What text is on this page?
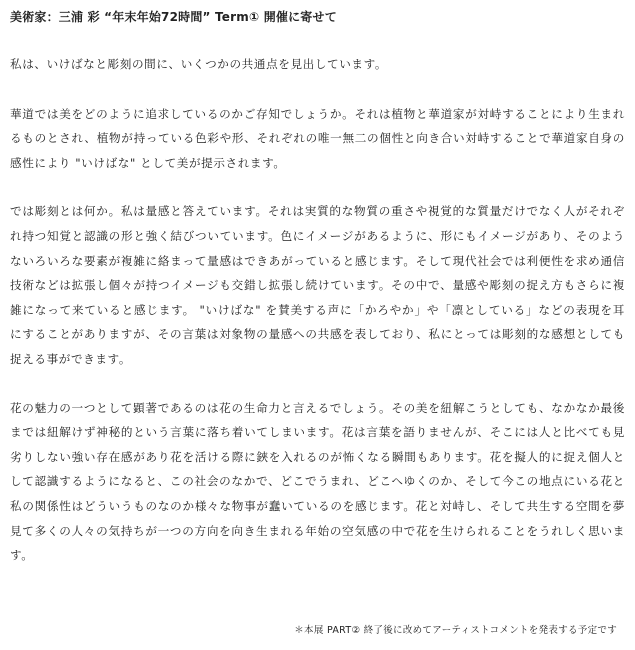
美術家：三浦 彩 “年末年始72時間” Term① 開催に寄せて

私は、いけばなと彫刻の間に、いくつかの共通点を見出しています。

華道では美をどのように追求しているのかご存知でしょうか。それは植物と華道家が対峙することにより生まれるものとされ、植物が持っている色彩や形、それぞれの唯一無二の個性と向き合い対峙することで華道家自身の感性により "いけばな" として美が提示されます。

では彫刻とは何か。私は量感と答えています。それは実質的な物質の重さや視覚的な質量だけでなく人がそれぞれ持つ知覚と認識の形と強く結びついています。色にイメージがあるように、形にもイメージがあり、そのようないろいろな要素が複雑に絡まって量感はできあがっていると感じます。そして現代社会では利便性を求め通信技術などは拡張し個々が持つイメージも交錯し拡張し続けています。その中で、量感や彫刻の捉え方もさらに複雑になって来ていると感じます。 "いけばな" を賛美する声に「かろやか」や「凛としている」などの表現を耳にすることがありますが、その言葉は対象物の量感への共感を表しており、私にとっては彫刻的な感想としても捉える事ができます。

花の魅力の一つとして顕著であるのは花の生命力と言えるでしょう。その美を紐解こうとしても、なかなか最後までは紐解けず神秘的という言葉に落ち着いてしまいます。花は言葉を語りませんが、そこには人と比べても見劣りしない強い存在感があり花を活ける際に鋏を入れるのが怖くなる瞬間もあります。花を擬人的に捉え個人として認識するようになると、この社会のなかで、どこでうまれ、どこへゆくのか、そして今この地点にいる花と私の関係性はどういうものなのか様々な物事が蠢いているのを感じます。花と対峙し、そして共生する空間を夢見て多くの人々の気持ちが一つの方向を向き生まれる年始の空気感の中で花を生けられることをうれしく思います。

＊本展 PART② 終了後に改めてアーティストコメントを発表する予定です
